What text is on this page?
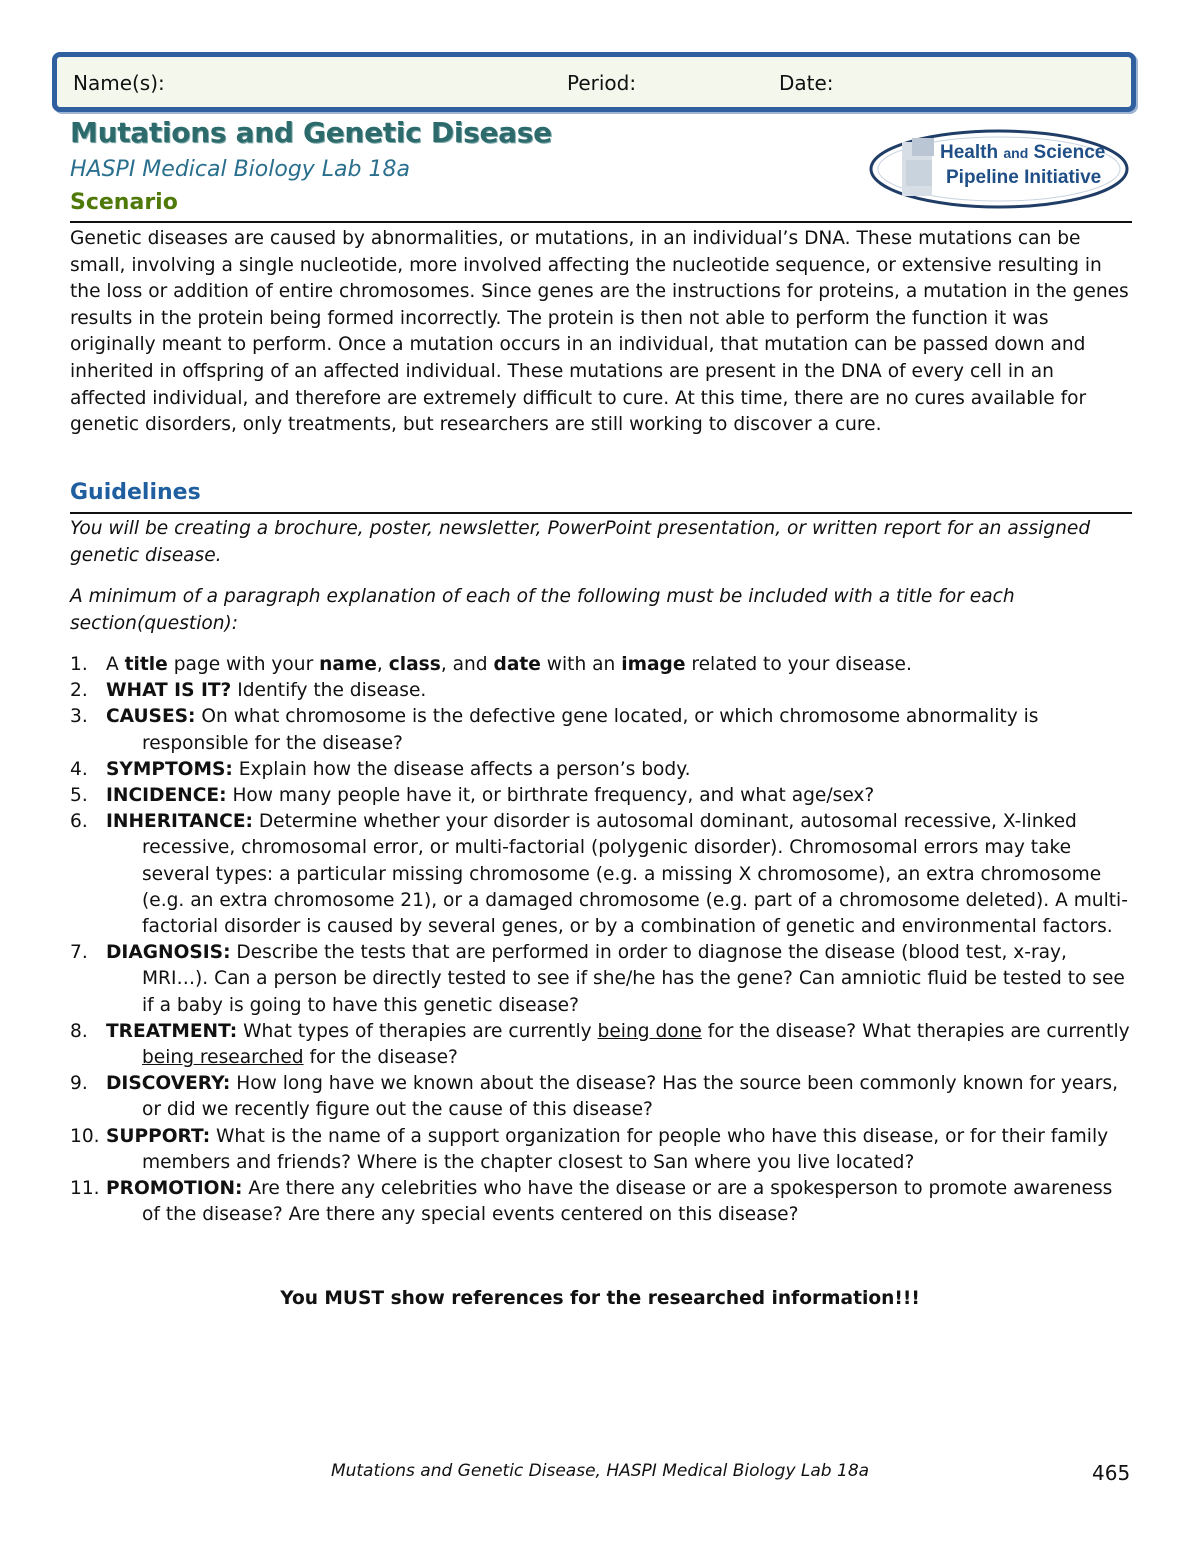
Name(s):	Period:	Date:
Mutations and Genetic Disease
HASPI Medical Biology Lab 18a
Health and Science
Pipeline Initiative
Scenario

Genetic diseases are caused by abnormalities, or mutations, in an individual’s DNA. These mutations can be small, involving a single nucleotide, more involved affecting the nucleotide sequence, or extensive resulting in the loss or addition of entire chromosomes. Since genes are the instructions for proteins, a mutation in the genes results in the protein being formed incorrectly. The protein is then not able to perform the function it was originally meant to perform. Once a mutation occurs in an individual, that mutation can be passed down and inherited in offspring of an affected individual. These mutations are present in the DNA of every cell in an affected individual, and therefore are extremely difficult to cure. At this time, there are no cures available for genetic disorders, only treatments, but researchers are still working to discover a cure.

Guidelines

You will be creating a brochure, poster, newsletter, PowerPoint presentation, or written report for an assigned genetic disease.

A minimum of a paragraph explanation of each of the following must be included with a title for each section(question):

1. A title page with your name, class, and date with an image related to your disease.
2. WHAT IS IT? Identify the disease.
3. CAUSES: On what chromosome is the defective gene located, or which chromosome abnormality is responsible for the disease?
4. SYMPTOMS: Explain how the disease affects a person’s body.
5. INCIDENCE: How many people have it, or birthrate frequency, and what age/sex?
6. INHERITANCE: Determine whether your disorder is autosomal dominant, autosomal recessive, X-linked recessive, chromosomal error, or multi-factorial (polygenic disorder). Chromosomal errors may take several types: a particular missing chromosome (e.g. a missing X chromosome), an extra chromosome (e.g. an extra chromosome 21), or a damaged chromosome (e.g. part of a chromosome deleted). A multi-factorial disorder is caused by several genes, or by a combination of genetic and environmental factors.
7. DIAGNOSIS: Describe the tests that are performed in order to diagnose the disease (blood test, x-ray, MRI…). Can a person be directly tested to see if she/he has the gene? Can amniotic fluid be tested to see if a baby is going to have this genetic disease?
8. TREATMENT: What types of therapies are currently being done for the disease? What therapies are currently being researched for the disease?
9. DISCOVERY: How long have we known about the disease? Has the source been commonly known for years, or did we recently figure out the cause of this disease?
10. SUPPORT: What is the name of a support organization for people who have this disease, or for their family members and friends? Where is the chapter closest to San where you live located?
11. PROMOTION: Are there any celebrities who have the disease or are a spokesperson to promote awareness of the disease? Are there any special events centered on this disease?
You MUST show references for the researched information!!!
Mutations and Genetic Disease, HASPI Medical Biology Lab 18a	465
